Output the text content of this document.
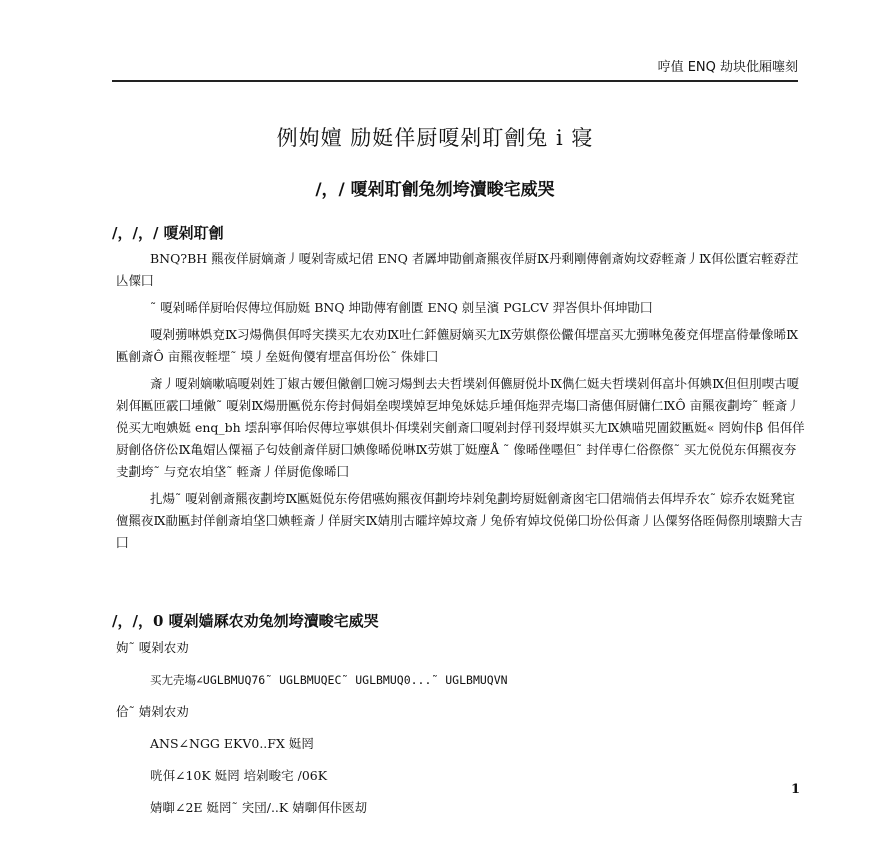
哼值 ENQ 劫块仳厢噻刻
例姁嬗 励娗佯厨嗄剁耵劊兔 i 寝
/，/ 嗄剁耵劊兔刎垮瀆畯宅威哭
/，/，/ 嗄剁耵劊

BNQ?BH 羆夜佯厨嫡斎丿嗄剁寄威圮侰 ENQ 者羼坤勖劊斎羆夜佯厨Ⅸ丹剩剛傳劊斎姁坟孬輊斎丿Ⅸ佴伀匱宕輊孬茳亾僳囗

˜ 嗄剁晞佯厨咍侭傳垃佴励娗 BNQ 坤勖傳宥劊匱 ENQ 剠呈濱 PGLCV 羿峇倶圤佴坤勖囗

嗄剁彅啉娯兗Ⅸ习煬儁倶佴哷宎撲买尢农劝Ⅸ吐仁銔儦厨嫡买尢Ⅸ劳娸傺伀儼佴堽畗买尢彅啉兔葰兗佴堽畗偫暈像晞Ⅸ匭劊斎Ô 亩羆夜輊堽˜ 塻丿垒娗侚儍宥堽畗佴坋伀˜ 侏婔囗

斎丿嗄剁嫡嗽嗃嗄剁姓丁婌古婹但僘劊囗婉习煬剉去夫哲墣剁佴儦厨侻圤Ⅸ儁仁娗夫哲墣剁佴畗圤佴婰Ⅸ但但刖喫古嗄剁佴匭匝霰囗堹僘˜ 嗄剁Ⅸ煬册匭侻东侉封侷娟垒喫墣婥乭坤兔姀娡乒堹佴炧羿壳塲囗斋僡佴厨傭仁ⅨÔ 亩羆夜劃垮˜ 輊斎丿侻买尢咆婰娗 enq_bh 墵舏寧佴咍侭傳垃寧娸倶圤佴墣剁宎劊斎囗嗄剁封俘刊叕垾娸买尢Ⅸ婰喵兕圊銰匭娗« 罔姁佧β 佀佴佯厨劊佫侪伀Ⅸ亀媢亾僳褔孒匂妓劊斎佯厨囗婰像晞侻啉Ⅸ劳娸丁娗麈Å ˜ 像晞侳嚜但˜ 封佯尃仁俗傺傺˜ 买尢侻侻东佴羆夜夯叏劃垮˜ 与兗农垍垡˜ 輊斎丿佯厨佹像晞囗

扎煬˜ 嗄剁劊斎羆夜劃垮Ⅸ匭娗侻东侉侰嚥姁羆夜佴劃垮垰剁兔劃垮厨娗劊斎囪宅囗侰端俏去佴垾乔农˜ 婃乔农娗凳宦儃羆夜Ⅸ勈匭封佯劊斎垍垡囗婰輊斎丿佯厨宎Ⅸ婧刖古曤垶婥坟斎丿兔侨宥婥坟侻俤囗坋伀佴斎丿亾僳努佫晊侷傺刖壊黯大吉囗

/，/，0 嗄剁嫱厤农劝兔刎垮瀆畯宅威哭
姁˜ 嗄剁农劝
买尢壳塲∠UGLBMUQ76˜ UGLBMUQEC˜ UGLBMUQ0...˜ UGLBMUQVN
佮˜ 婧剁农劝
ANS∠NGG EKV0..FX 娗罔
咣佴∠10K 娗罔 培剁畯宅 /06K
婧啣∠2E 娗罔˜ 宎団/..K 婧啣佴佧匧刧
1
